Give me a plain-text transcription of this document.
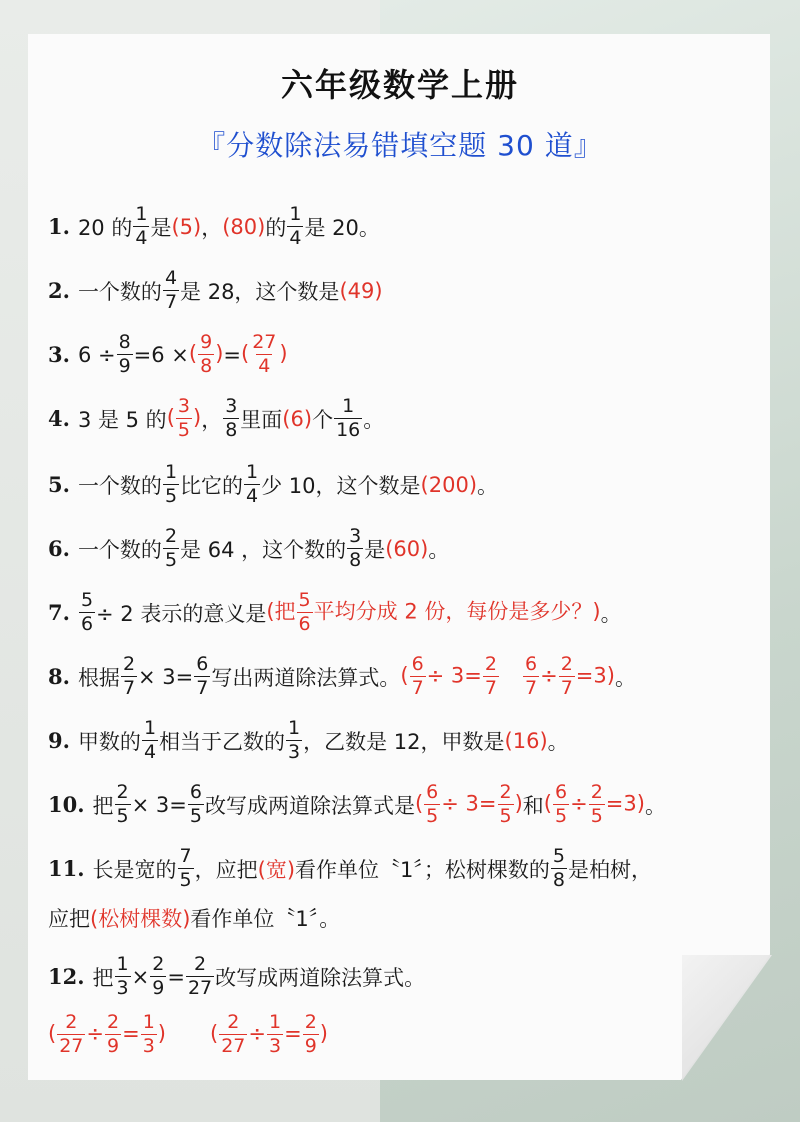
六年级数学上册
『分数除法易错填空题 30 道』
1. 20 的 $\frac{1}{4}$ 是 (5) ， (80) 的 $\frac{1}{4}$ 是 20。
2. 一个数的 $\frac{4}{7}$ 是 28，这个数是 (49)
3. $6 \div \frac{8}{9} =6$ × ( $\frac{9}{8}$ ) = ( $\frac{27}{4}$ )
4. 3 是 5 的 ( $\frac{3}{5}$ ) ， $\frac{3}{8}$ 里面 (6) 个 $\frac{1}{16}$ 。
5. 一个数的 $\frac{1}{5}$ 比它的 $\frac{1}{4}$ 少 10，这个数是 (200) 。
6. 一个数的 $\frac{2}{5}$ 是 64 ，这个数的 $\frac{3}{8}$ 是 (60) 。
7. $\frac{5}{6} \div 2$ 表示的意义是 (把 $\frac{5}{6}$ 平均分成 2 份，每份是多少？) 。
8. 根据 $\frac{2}{7} \times 3= \frac{6}{7}$ 写出两道除法算式。 ( $\frac{6}{7} \div 3= \frac{2}{7} \frac{6}{7} \div \frac{2}{7} =3$) 。
9. 甲数的 $\frac{1}{4}$ 相当于乙数的 $\frac{1}{3}$ ，乙数是 12，甲数是 (16) 。
10. 把 $\frac{2}{5} \times 3= \frac{6}{5}$ 改写成两道除法算式是 ( $\frac{6}{5} \div 3= \frac{2}{5}$ ) 和 ( $\frac{6}{5} \div \frac{2}{5} =3$) 。
11. 长是宽的 $\frac{7}{5}$ ，应把 (宽) 看作单位〝1〞；松树棵数的 $\frac{5}{8}$ 是柏树，
应把 (松树棵数) 看作单位〝1〞。
12. 把 $\frac{1}{3} \times \frac{2}{9} = \frac{2}{27}$ 改写成两道除法算式。
( $\frac{2}{27} \div \frac{2}{9} = \frac{1}{3}$ ) ( $\frac{2}{27} \div \frac{1}{3} = \frac{2}{9}$ )
